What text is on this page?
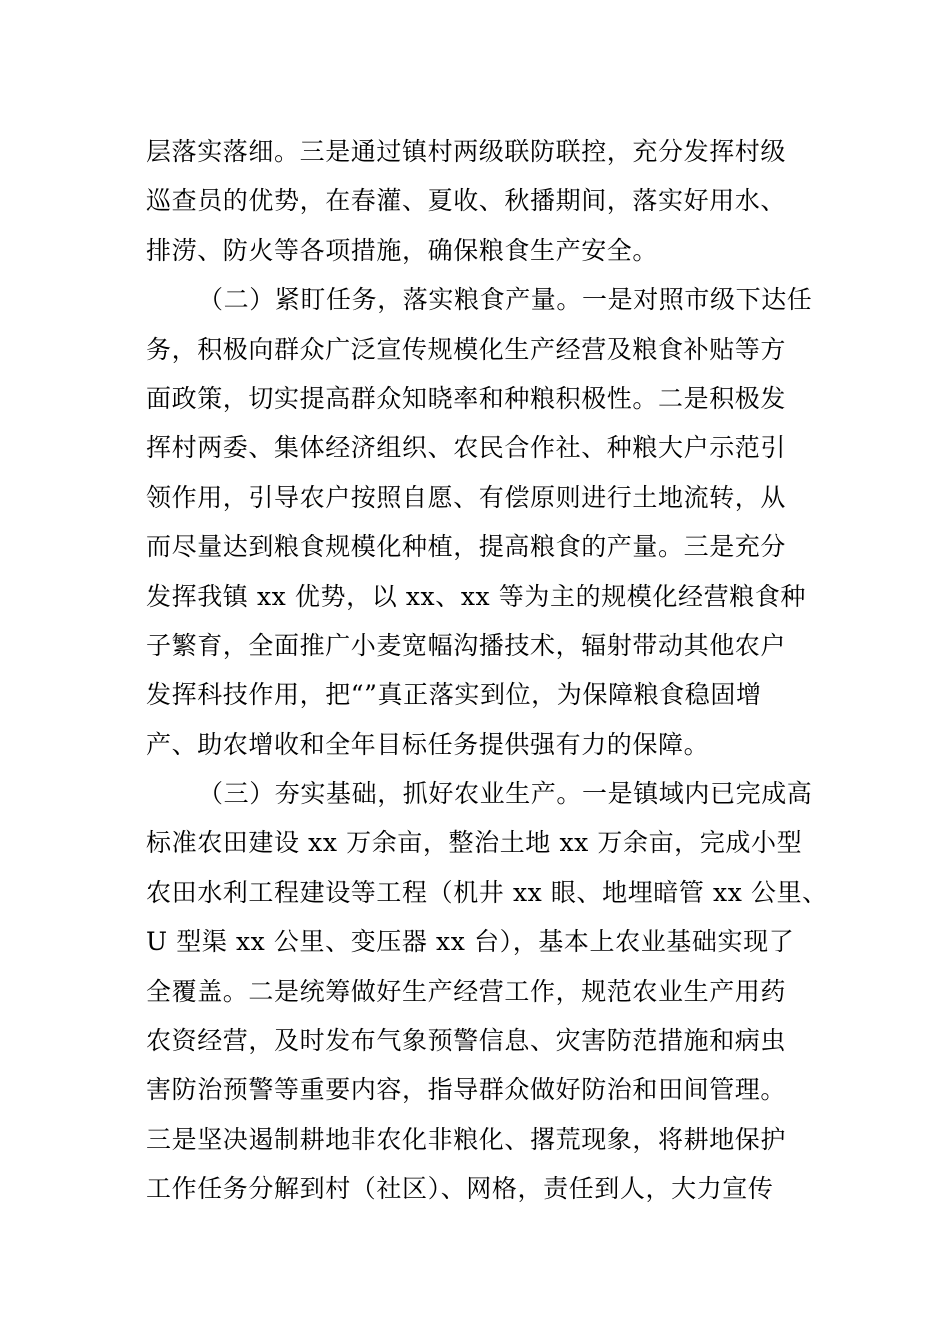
层落实落细。三是通过镇村两级联防联控，充分发挥村级
巡查员的优势，在春灌、夏收、秋播期间，落实好用水、
排涝、防火等各项措施，确保粮食生产安全。
（二）紧盯任务，落实粮食产量。一是对照市级下达任
务，积极向群众广泛宣传规模化生产经营及粮食补贴等方
面政策，切实提高群众知晓率和种粮积极性。二是积极发
挥村两委、集体经济组织、农民合作社、种粮大户示范引
领作用，引导农户按照自愿、有偿原则进行土地流转，从
而尽量达到粮食规模化种植，提高粮食的产量。三是充分
发挥我镇 xx 优势，以 xx、xx 等为主的规模化经营粮食种
子繁育，全面推广小麦宽幅沟播技术，辐射带动其他农户
发挥科技作用，把“”真正落实到位，为保障粮食稳固增
产、助农增收和全年目标任务提供强有力的保障。
（三）夯实基础，抓好农业生产。一是镇域内已完成高
标准农田建设 xx 万余亩，整治土地 xx 万余亩，完成小型
农田水利工程建设等工程（机井 xx 眼、地埋暗管 xx 公里、
U 型渠 xx 公里、变压器 xx 台），基本上农业基础实现了
全覆盖。二是统筹做好生产经营工作，规范农业生产用药
农资经营，及时发布气象预警信息、灾害防范措施和病虫
害防治预警等重要内容，指导群众做好防治和田间管理。
三是坚决遏制耕地非农化非粮化、撂荒现象，将耕地保护
工作任务分解到村（社区）、网格，责任到人，大力宣传
